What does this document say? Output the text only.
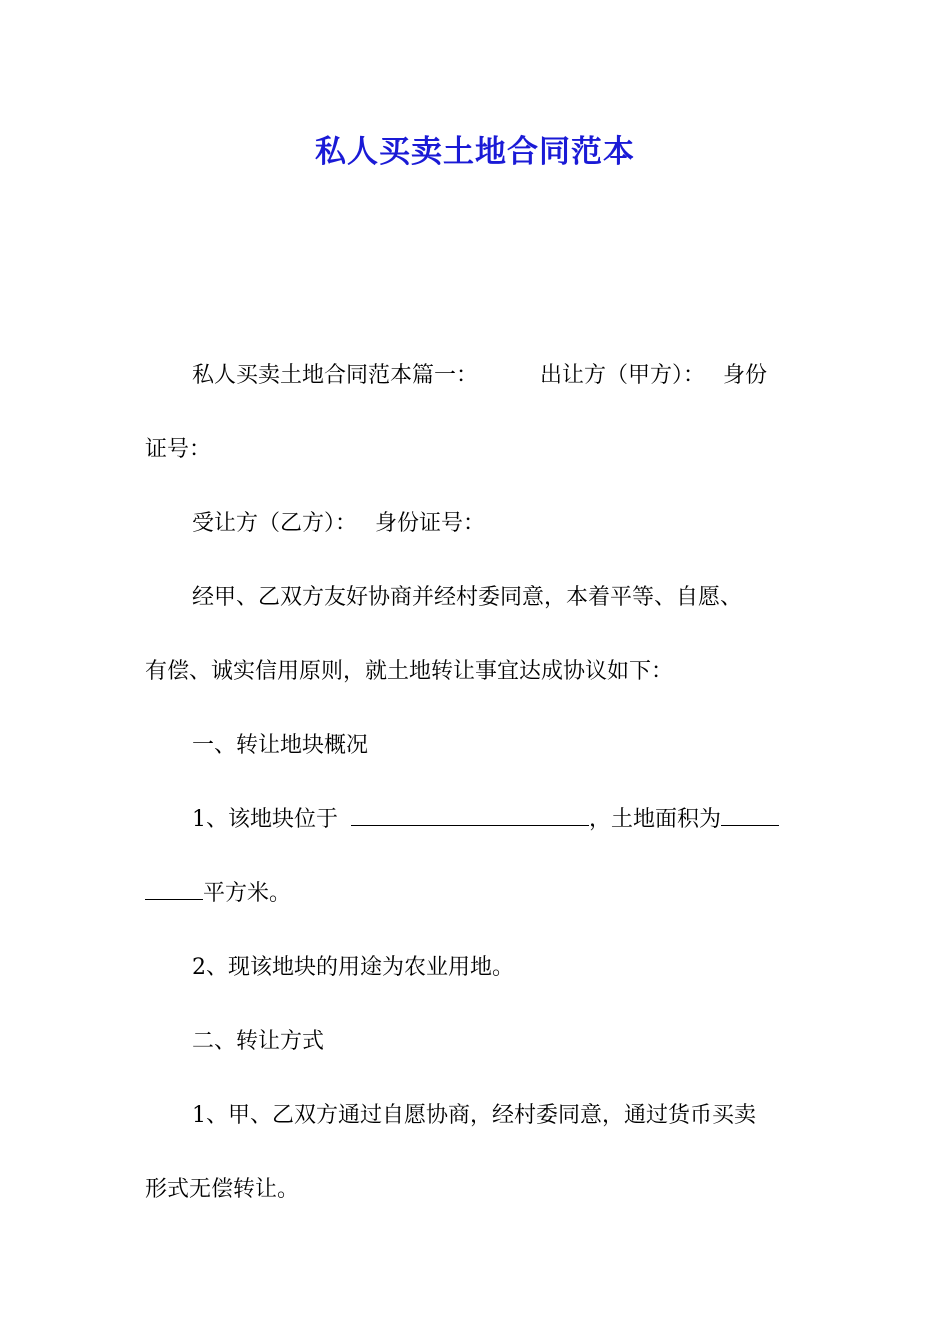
私人买卖土地合同范本
私人买卖土地合同范本篇一：	出让方（甲方）： 身份
证号：
受让方（乙方）： 身份证号：
经甲、乙双方友好协商并经村委同意，本着平等、自愿、
有偿、诚实信用原则，就土地转让事宜达成协议如下：
一、转让地块概况
1、该地块位于	，土地面积为
平方米。
2、现该地块的用途为农业用地。
二、转让方式
1、甲、乙双方通过自愿协商，经村委同意，通过货币买卖
形式无偿转让。
